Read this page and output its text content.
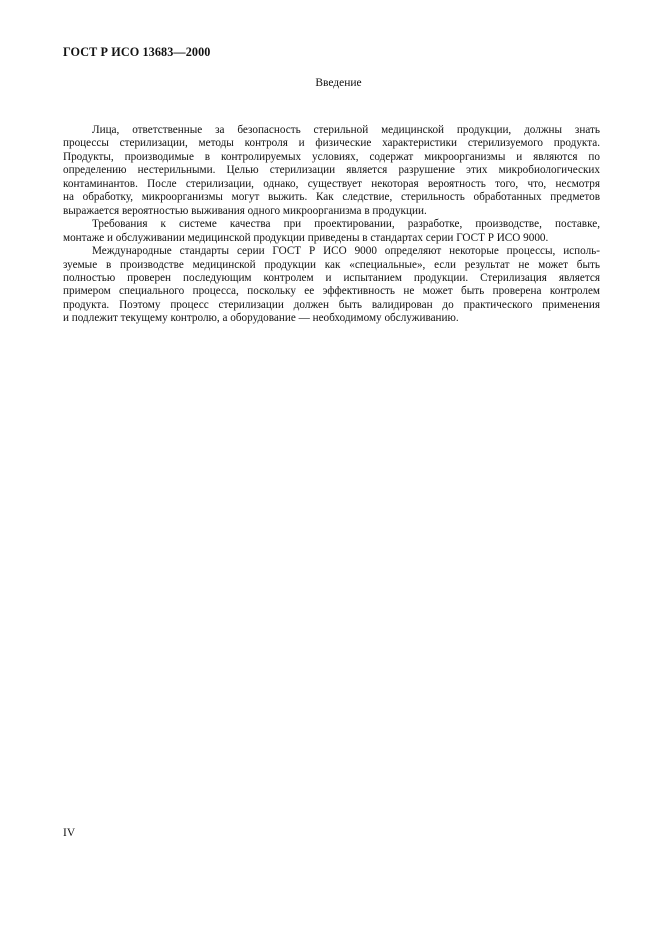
ГОСТ Р ИСО 13683—2000
Введение
Лица, ответственные за безопасность стерильной медицинской продукции, должны знать
процессы стерилизации, методы контроля и физические характеристики стерилизуемого продукта.
Продукты, производимые в контролируемых условиях, содержат микроорганизмы и являются по
определению нестерильными. Целью стерилизации является разрушение этих микробиологических
контаминантов. После стерилизации, однако, существует некоторая вероятность того, что, несмотря
на обработку, микроорганизмы могут выжить. Как следствие, стерильность обработанных предметов
выражается вероятностью выживания одного микроорганизма в продукции.
Требования к системе качества при проектировании, разработке, производстве, поставке,
монтаже и обслуживании медицинской продукции приведены в стандартах серии ГОСТ Р ИСО 9000.
Международные стандарты серии ГОСТ Р ИСО 9000 определяют некоторые процессы, исполь-
зуемые в производстве медицинской продукции как «специальные», если результат не может быть
полностью проверен последующим контролем и испытанием продукции. Стерилизация является
примером специального процесса, поскольку ее эффективность не может быть проверена контролем
продукта. Поэтому процесс стерилизации должен быть валидирован до практического применения
и подлежит текущему контролю, а оборудование — необходимому обслуживанию.
IV
